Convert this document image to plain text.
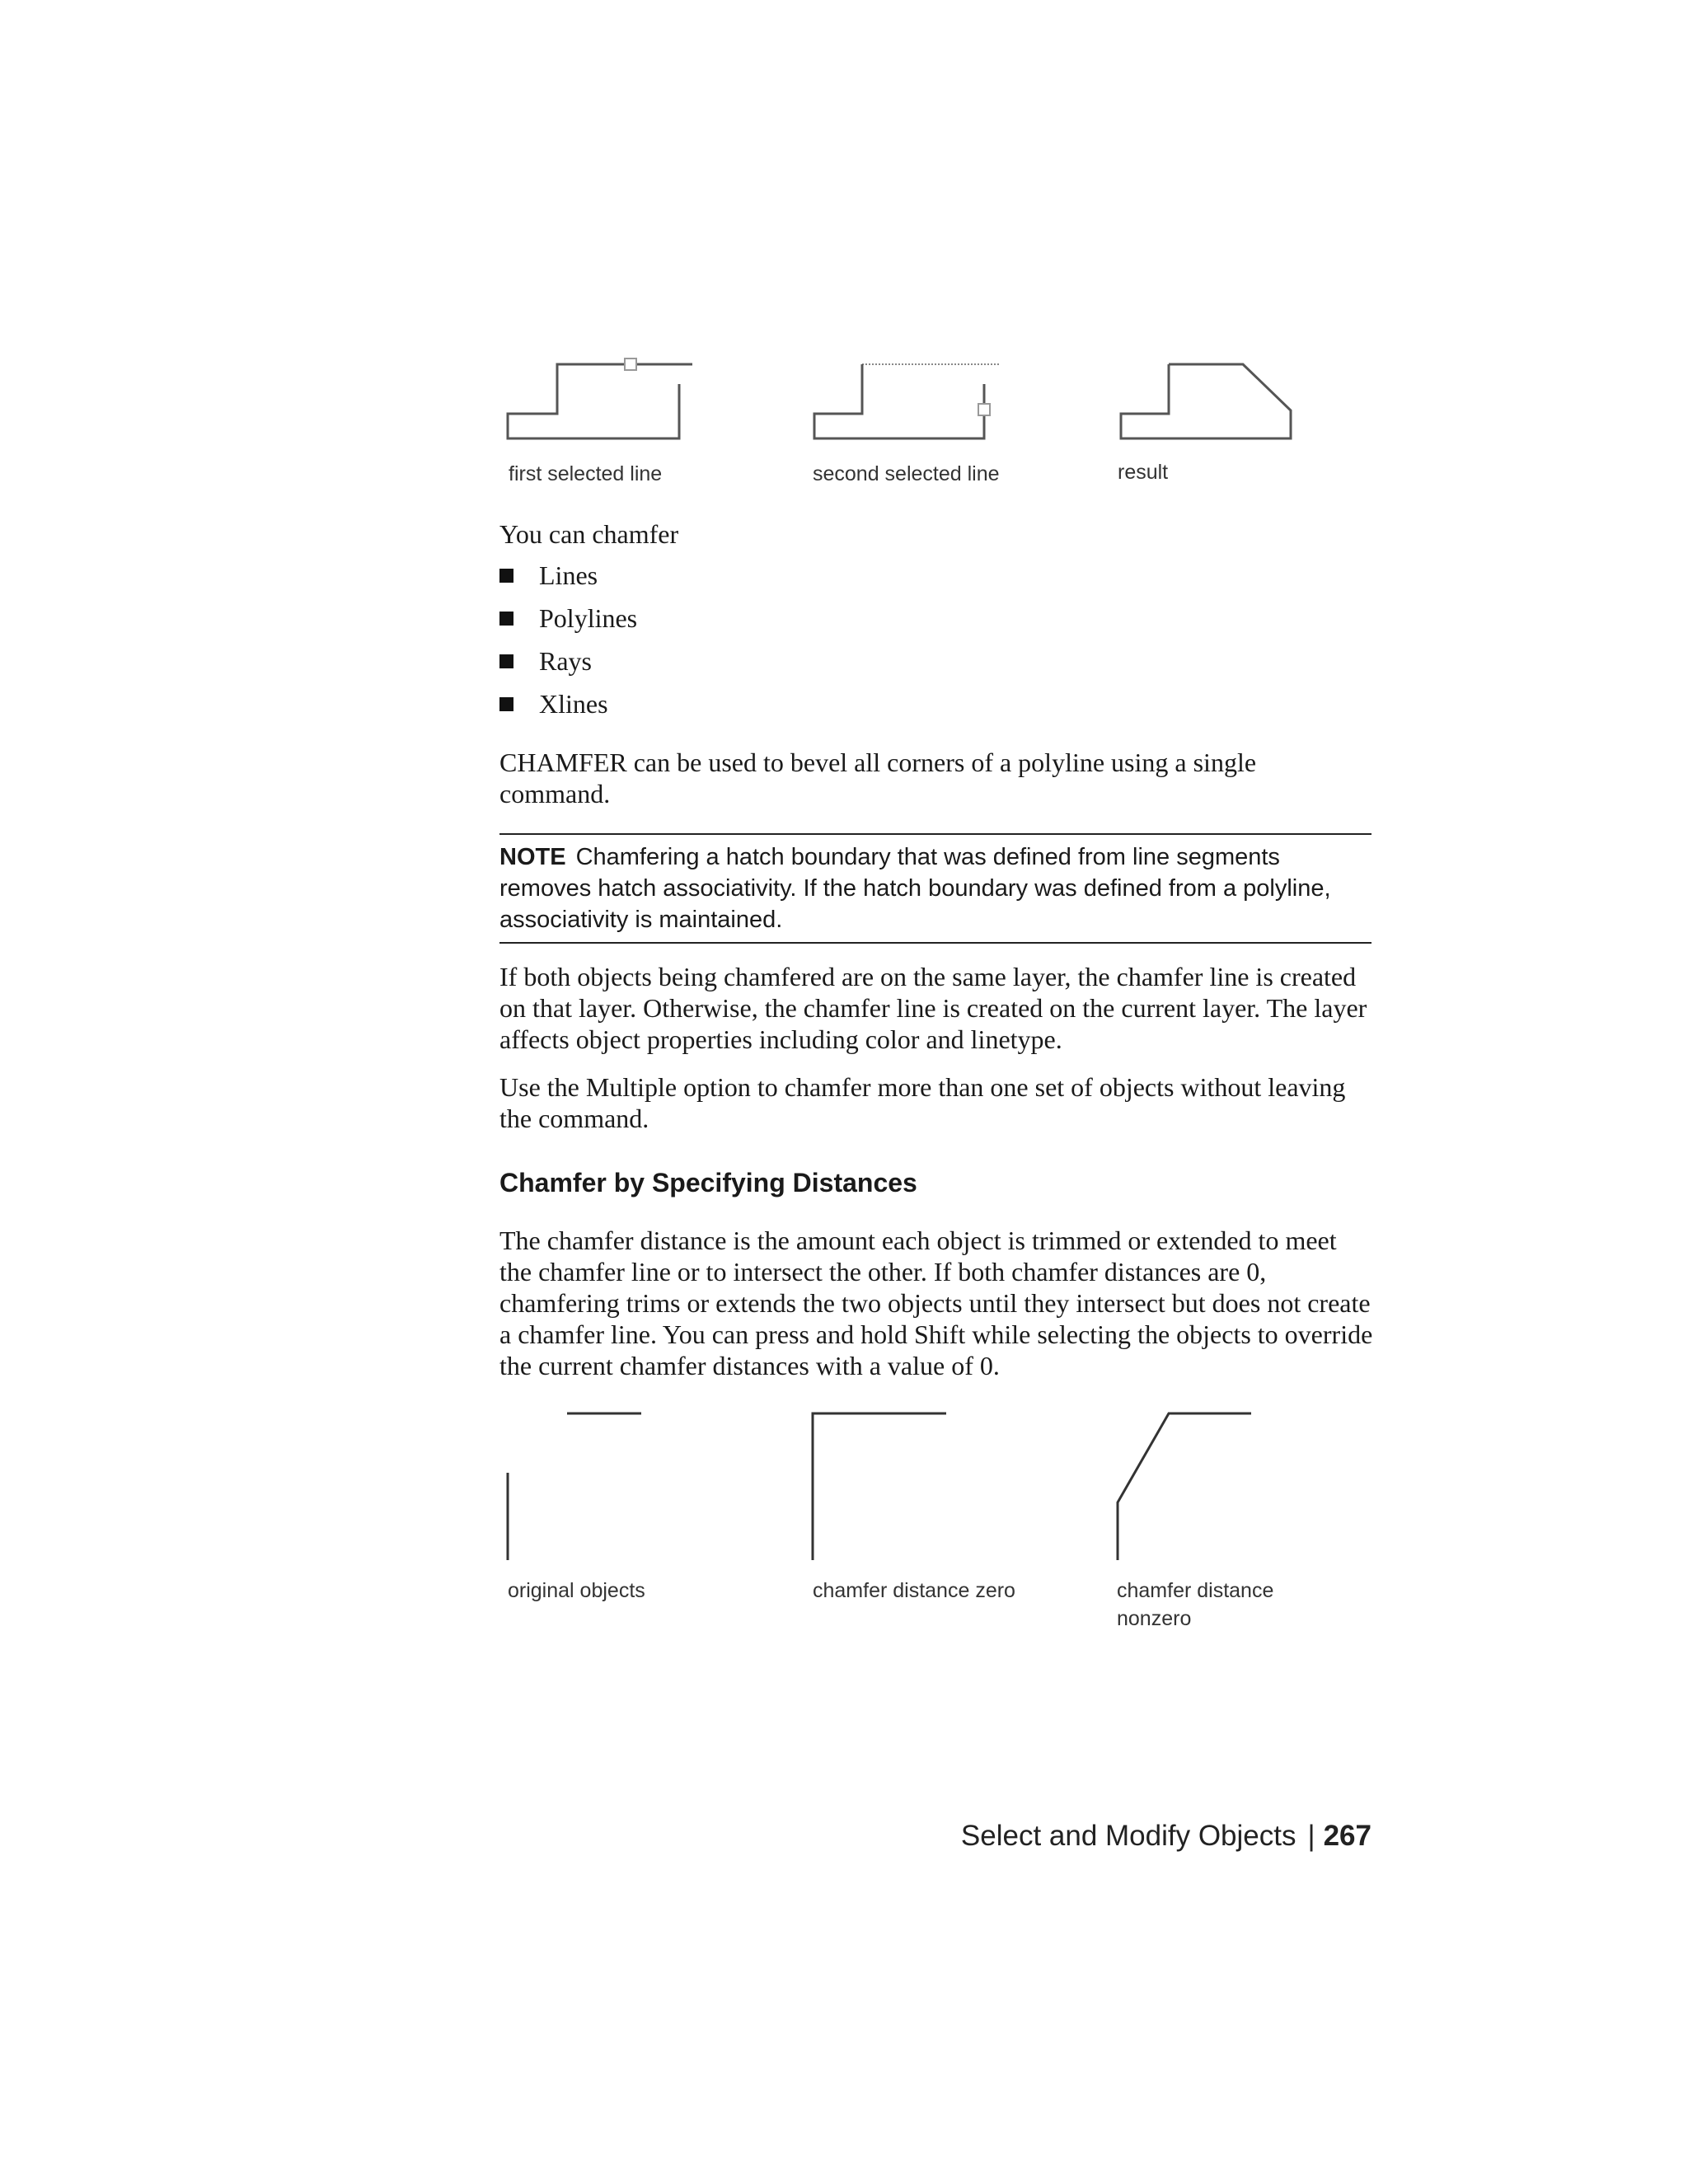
first selected line	second selected line	result
You can chamfer
Lines
Polylines
Rays
Xlines

CHAMFER can be used to bevel all corners of a polyline using a single command.

NOTE Chamfering a hatch boundary that was defined from line segments removes hatch associativity. If the hatch boundary was defined from a polyline, associativity is maintained.

If both objects being chamfered are on the same layer, the chamfer line is created on that layer. Otherwise, the chamfer line is created on the current layer. The layer affects object properties including color and linetype.

Use the Multiple option to chamfer more than one set of objects without leaving the command.

Chamfer by Specifying Distances

The chamfer distance is the amount each object is trimmed or extended to meet the chamfer line or to intersect the other. If both chamfer distances are 0, chamfering trims or extends the two objects until they intersect but does not create a chamfer line. You can press and hold Shift while selecting the objects to override the current chamfer distances with a value of 0.

original objects	chamfer distance zero	chamfer distance nonzero
Select and Modify Objects | 267
